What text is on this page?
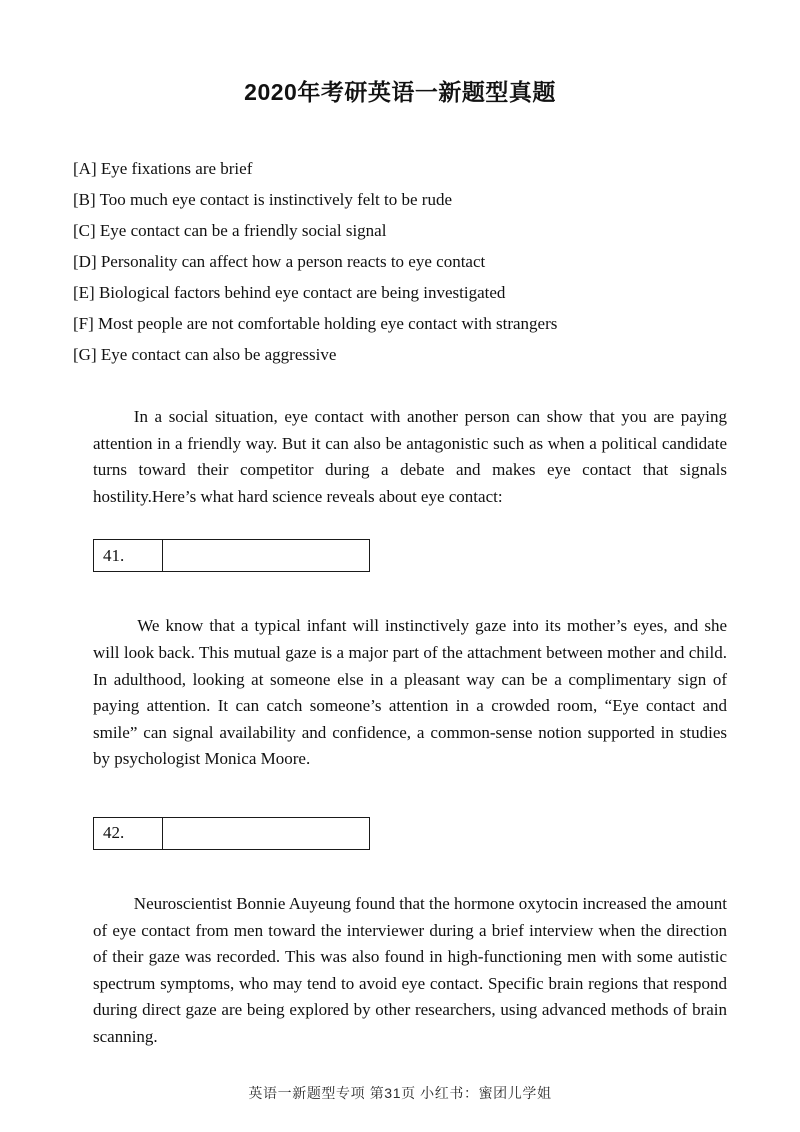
2020年考研英语一新题型真题
[A] Eye fixations are brief
[B] Too much eye contact is instinctively felt to be rude
[C] Eye contact can be a friendly social signal
[D] Personality can affect how a person reacts to eye contact
[E] Biological factors behind eye contact are being investigated
[F] Most people are not comfortable holding eye contact with strangers
[G] Eye contact can also be aggressive

In a social situation, eye contact with another person can show that you are paying attention in a friendly way. But it can also be antagonistic such as when a political candidate turns toward their competitor during a debate and makes eye contact that signals hostility.Here’s what hard science reveals about eye contact:

41.	

We know that a typical infant will instinctively gaze into its mother’s eyes, and she will look back. This mutual gaze is a major part of the attachment between mother and child. In adulthood, looking at someone else in a pleasant way can be a complimentary sign of paying attention. It can catch someone’s attention in a crowded room, “Eye contact and smile” can signal availability and confidence, a common-sense notion supported in studies by psychologist Monica Moore.

42.	

Neuroscientist Bonnie Auyeung found that the hormone oxytocin increased the amount of eye contact from men toward the interviewer during a brief interview when the direction of their gaze was recorded. This was also found in high-functioning men with some autistic spectrum symptoms, who may tend to avoid eye contact. Specific brain regions that respond during direct gaze are being explored by other researchers, using advanced methods of brain scanning.

英语一新题型专项 第31页 小红书：蜜团儿学姐
